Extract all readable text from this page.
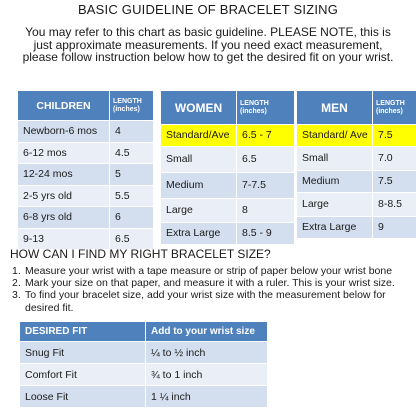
BASIC GUIDELINE OF BRACELET SIZING
You may refer to this chart as basic guideline. PLEASE NOTE, this is just approximate measurements. If you need exact measurement, please follow instruction below how to get the desired fit on your wrist.
CHILDREN	LENGTH (inches)
Newborn-6 mos	4
6-12 mos	4.5
12-24 mos	5
2-5 yrs old	5.5
6-8 yrs old	6
9-13	6.5
WOMEN	LENGTH (inches)
Standard/Ave	6.5 - 7
Small	6.5
Medium	7-7.5
Large	8
Extra Large	8.5 - 9
MEN	LENGTH (inches)
Standard/ Ave	7.5
Small	7.0
Medium	7.5
Large	8-8.5
Extra Large	9
HOW CAN I FIND MY RIGHT BRACELET SIZE?
1. Measure your wrist with a tape measure or strip of paper below your wrist bone
2. Mark your size on that paper, and measure it with a ruler. This is your wrist size.
3. To find your bracelet size, add your wrist size with the measurement below for desired fit.
DESIRED FIT	Add to your wrist size
Snug Fit	¼ to ½ inch
Comfort Fit	¾ to 1 inch
Loose Fit	1 ¼ inch
